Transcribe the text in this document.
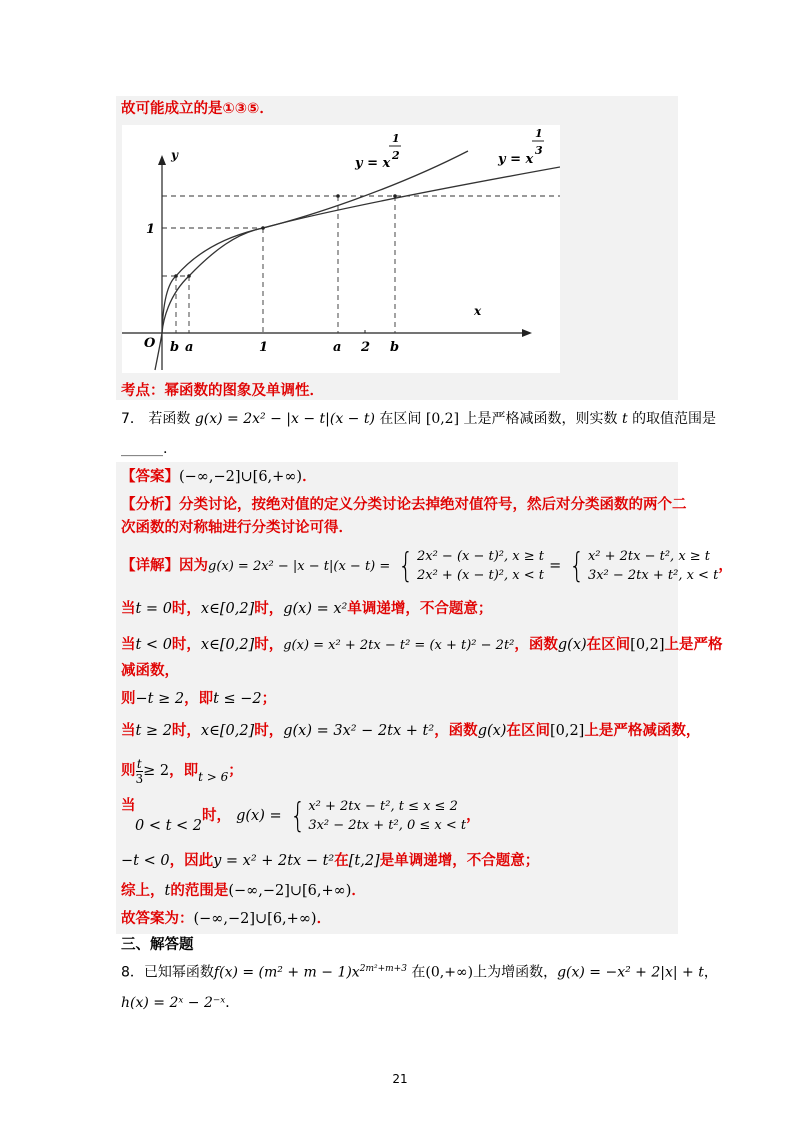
故可能成立的是①③⑤．
y
x
O
1
b a	1	a 2 b
y = x
1
2	y = x
1
3
考点：幂函数的图象及单调性．
7． 若函数 g(x) = 2x² − |x − t|(x − t) 在区间 [0,2] 上是严格减函数，则实数 t 的取值范围是
______.
【答案】(−∞,−2]∪[6,+∞)．
【分析】分类讨论，按绝对值的定义分类讨论去掉绝对值符号，然后对分类函数的两个二
次函数的对称轴进行分类讨论可得．
【详解】因为g(x) = 2x² − |x − t|(x − t) = { 2x² − (x − t)², x ≥ t
2x² + (x − t)², x < t
= { x² + 2tx − t², x ≥ t
3x² − 2tx + t², x < t
，
当t = 0时，x∈[0,2]时，g(x) = x²单调递增，不合题意；
当t < 0时，x∈[0,2]时，g(x) = x² + 2tx − t² = (x + t)² − 2t²，函数g(x)在区间[0,2]上是严格
减函数，
则−t ≥ 2，即t ≤ −2；
当t ≥ 2时，x∈[0,2]时，g(x) = 3x² − 2tx + t²，函数g(x)在区间[0,2]上是严格减函数，
则 $\frac{t}{3} \ge 2$，即$_{t > 6}$；
当
0 < t < 2
时， g(x) = { x² + 2tx − t², t ≤ x ≤ 2
3x² − 2tx + t², 0 ≤ x < t
，
−t < 0，因此y = x² + 2tx − t²在[t,2]是单调递增，不合题意；
综上，t的范围是(−∞,−2]∪[6,+∞)．
故答案为：(−∞,−2]∪[6,+∞)．
三、解答题
8．已知幂函数$f(x) = (m^2 + m - 1)x^{2m^2+m+3}$ 在(0,+∞)上为增函数，g(x) = −x² + 2|x| + t，
h(x) = 2ˣ − 2⁻ˣ．
21
